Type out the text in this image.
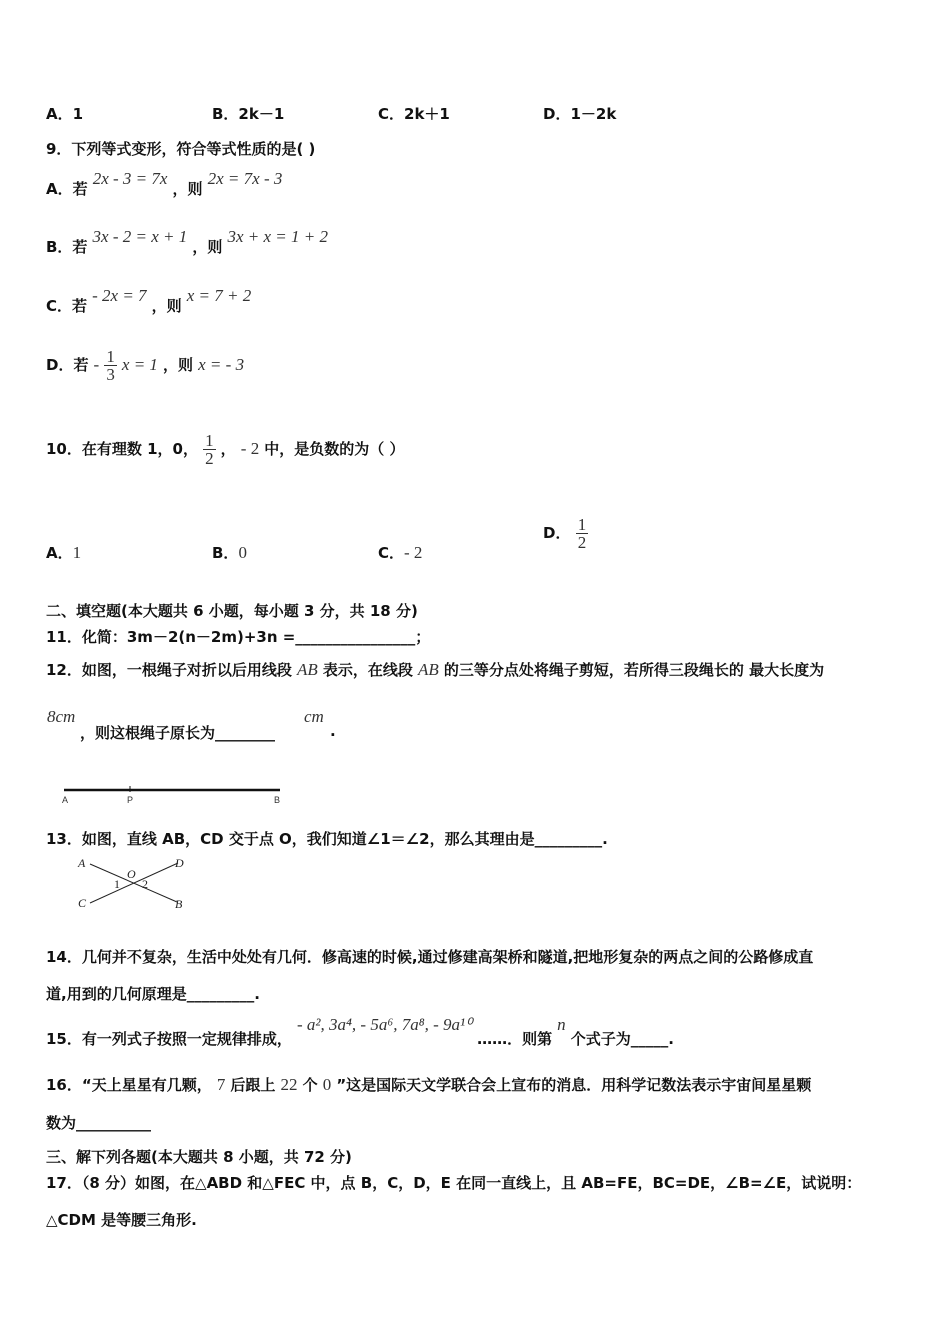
A．1	B．2k－1	C．2k＋1	D．1－2k
9．下列等式变形，符合等式性质的是( )
A．若 2x - 3 = 7x ，则 2x = 7x - 3
B．若 3x - 2 = x + 1 ，则 3x + x = 1 + 2
C．若 - 2x = 7 ，则 x = 7 + 2
D．若 - $\frac{1}{3}$ x = 1 ，则 x = - 3
10．在有理数 1，0， $\frac{1}{2}$ ， - 2 中，是负数的为（ ）
A．1	B．0	C．- 2
D． $\frac{1}{2}$
二、填空题(本大题共 6 小题，每小题 3 分，共 18 分)
11．化简：3m－2(n－2m)+3n =________________；
12．如图，一根绳子对折以后用线段 AB 表示，在线段 AB 的三等分点处将绳子剪短，若所得三段绳长的 最大长度为
8cm
，则这根绳子原长为________
cm
.
A	P	B
13．如图，直线 AB，CD 交于点 O，我们知道∠1＝∠2，那么其理由是_________.
A	D
C	B
O
1 2
14．几何并不复杂，生活中处处有几何．修高速的时候,通过修建高架桥和隧道,把地形复杂的两点之间的公路修成直
道,用到的几何原理是_________.
15．有一列式子按照一定规律排成， - a², 3a⁴, - 5a⁶, 7a⁸, - 9a¹⁰ ……．则第 n 个式子为_____.
16．“天上星星有几颗， 7 后跟上 22 个 0 ”这是国际天文学联合会上宣布的消息．用科学记数法表示宇宙间星星颗
数为__________
三、解下列各题(本大题共 8 小题，共 72 分)
17．（8 分）如图，在△ABD 和△FEC 中，点 B，C，D，E 在同一直线上，且 AB=FE，BC=DE，∠B=∠E，试说明：
△CDM 是等腰三角形.
